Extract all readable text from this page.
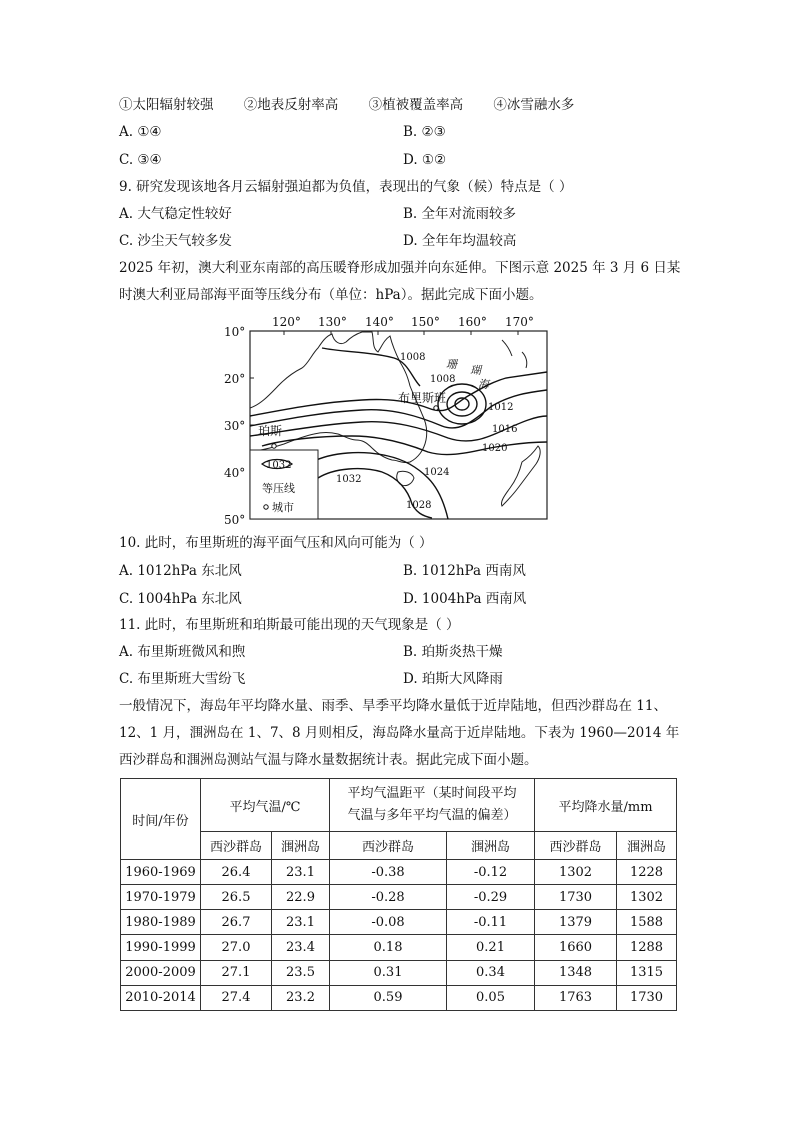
①太阳辐射较强 ②地表反射率高 ③植被覆盖率高 ④冰雪融水多
A. ①④	B. ②③
C. ③④	D. ①②
9. 研究发现该地各月云辐射强迫都为负值，表现出的气象（候）特点是（ ）
A. 大气稳定性较好	B. 全年对流雨较多
C. 沙尘天气较多发	D. 全年年均温较高
2025 年初，澳大利亚东南部的高压暖脊形成加强并向东延伸。下图示意 2025 年 3 月 6 日某
时澳大利亚局部海平面等压线分布（单位：hPa）。据此完成下面小题。
120° 130° 140° 150° 160° 170°
10°
20°
30°
40°
50°
1008
1008
1012
1016
1020
1024
1028
1032
珊 瑚
海
布里斯班
珀斯
1032
等压线
城市
10. 此时，布里斯班的海平面气压和风向可能为（ ）
A. 1012hPa 东北风	B. 1012hPa 西南风
C. 1004hPa 东北风	D. 1004hPa 西南风
11. 此时，布里斯班和珀斯最可能出现的天气现象是（ ）
A. 布里斯班微风和煦	B. 珀斯炎热干燥
C. 布里斯班大雪纷飞	D. 珀斯大风降雨
一般情况下，海岛年平均降水量、雨季、旱季平均降水量低于近岸陆地，但西沙群岛在 11、
12、1 月，涠洲岛在 1、7、8 月则相反，海岛降水量高于近岸陆地。下表为 1960—2014 年
西沙群岛和涠洲岛测站气温与降水量数据统计表。据此完成下面小题。
时间/年份	平均气温/℃		平均气温距平（某时间段平均
气温与多年平均气温的偏差）		平均降水量/mm	
	西沙群岛	涠洲岛	西沙群岛	涠洲岛	西沙群岛	涠洲岛
1960-1969	26.4	23.1	-0.38	-0.12	1302	1228
1970-1979	26.5	22.9	-0.28	-0.29	1730	1302
1980-1989	26.7	23.1	-0.08	-0.11	1379	1588
1990-1999	27.0	23.4	0.18	0.21	1660	1288
2000-2009	27.1	23.5	0.31	0.34	1348	1315
2010-2014	27.4	23.2	0.59	0.05	1763	1730
